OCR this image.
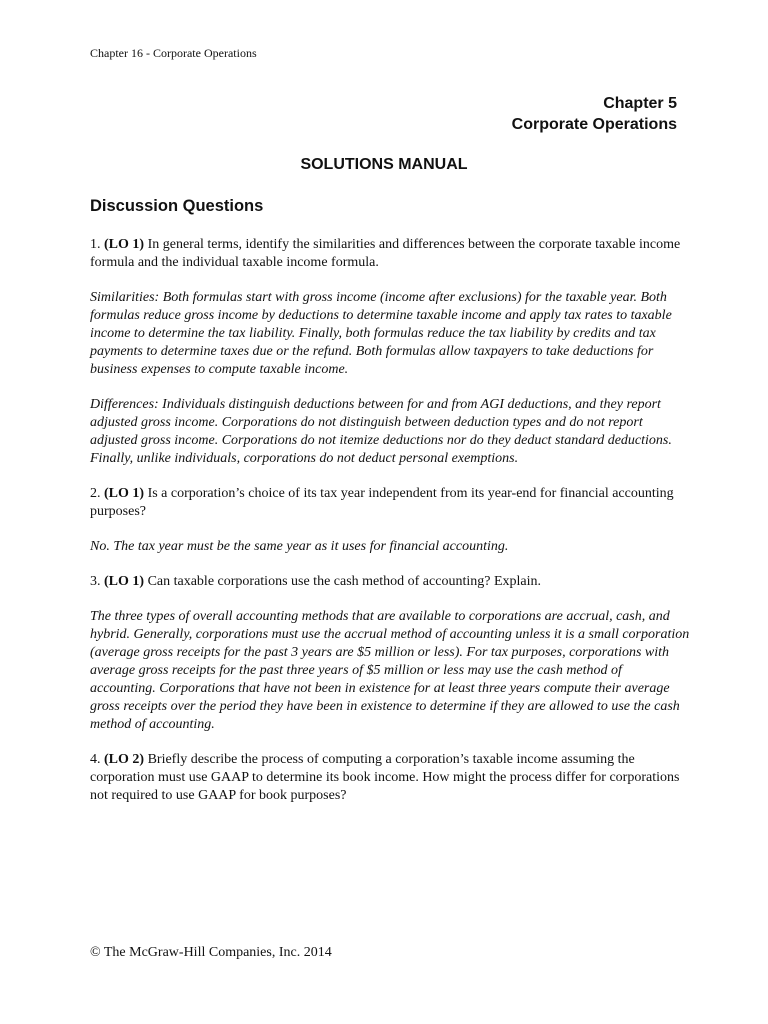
Chapter 16 - Corporate Operations
Chapter 5
Corporate Operations
SOLUTIONS MANUAL
Discussion Questions

1. (LO 1) In general terms, identify the similarities and differences between the corporate taxable income formula and the individual taxable income formula.

Similarities: Both formulas start with gross income (income after exclusions) for the taxable year. Both formulas reduce gross income by deductions to determine taxable income and apply tax rates to taxable income to determine the tax liability. Finally, both formulas reduce the tax liability by credits and tax payments to determine taxes due or the refund. Both formulas allow taxpayers to take deductions for business expenses to compute taxable income.

Differences: Individuals distinguish deductions between for and from AGI deductions, and they report adjusted gross income. Corporations do not distinguish between deduction types and do not report adjusted gross income. Corporations do not itemize deductions nor do they deduct standard deductions. Finally, unlike individuals, corporations do not deduct personal exemptions.

2. (LO 1) Is a corporation’s choice of its tax year independent from its year-end for financial accounting purposes?

No. The tax year must be the same year as it uses for financial accounting.

3. (LO 1) Can taxable corporations use the cash method of accounting? Explain.

The three types of overall accounting methods that are available to corporations are accrual, cash, and hybrid. Generally, corporations must use the accrual method of accounting unless it is a small corporation (average gross receipts for the past 3 years are $5 million or less). For tax purposes, corporations with average gross receipts for the past three years of $5 million or less may use the cash method of accounting. Corporations that have not been in existence for at least three years compute their average gross receipts over the period they have been in existence to determine if they are allowed to use the cash method of accounting.

4. (LO 2) Briefly describe the process of computing a corporation’s taxable income assuming the corporation must use GAAP to determine its book income. How might the process differ for corporations not required to use GAAP for book purposes?

© The McGraw-Hill Companies, Inc. 2014
